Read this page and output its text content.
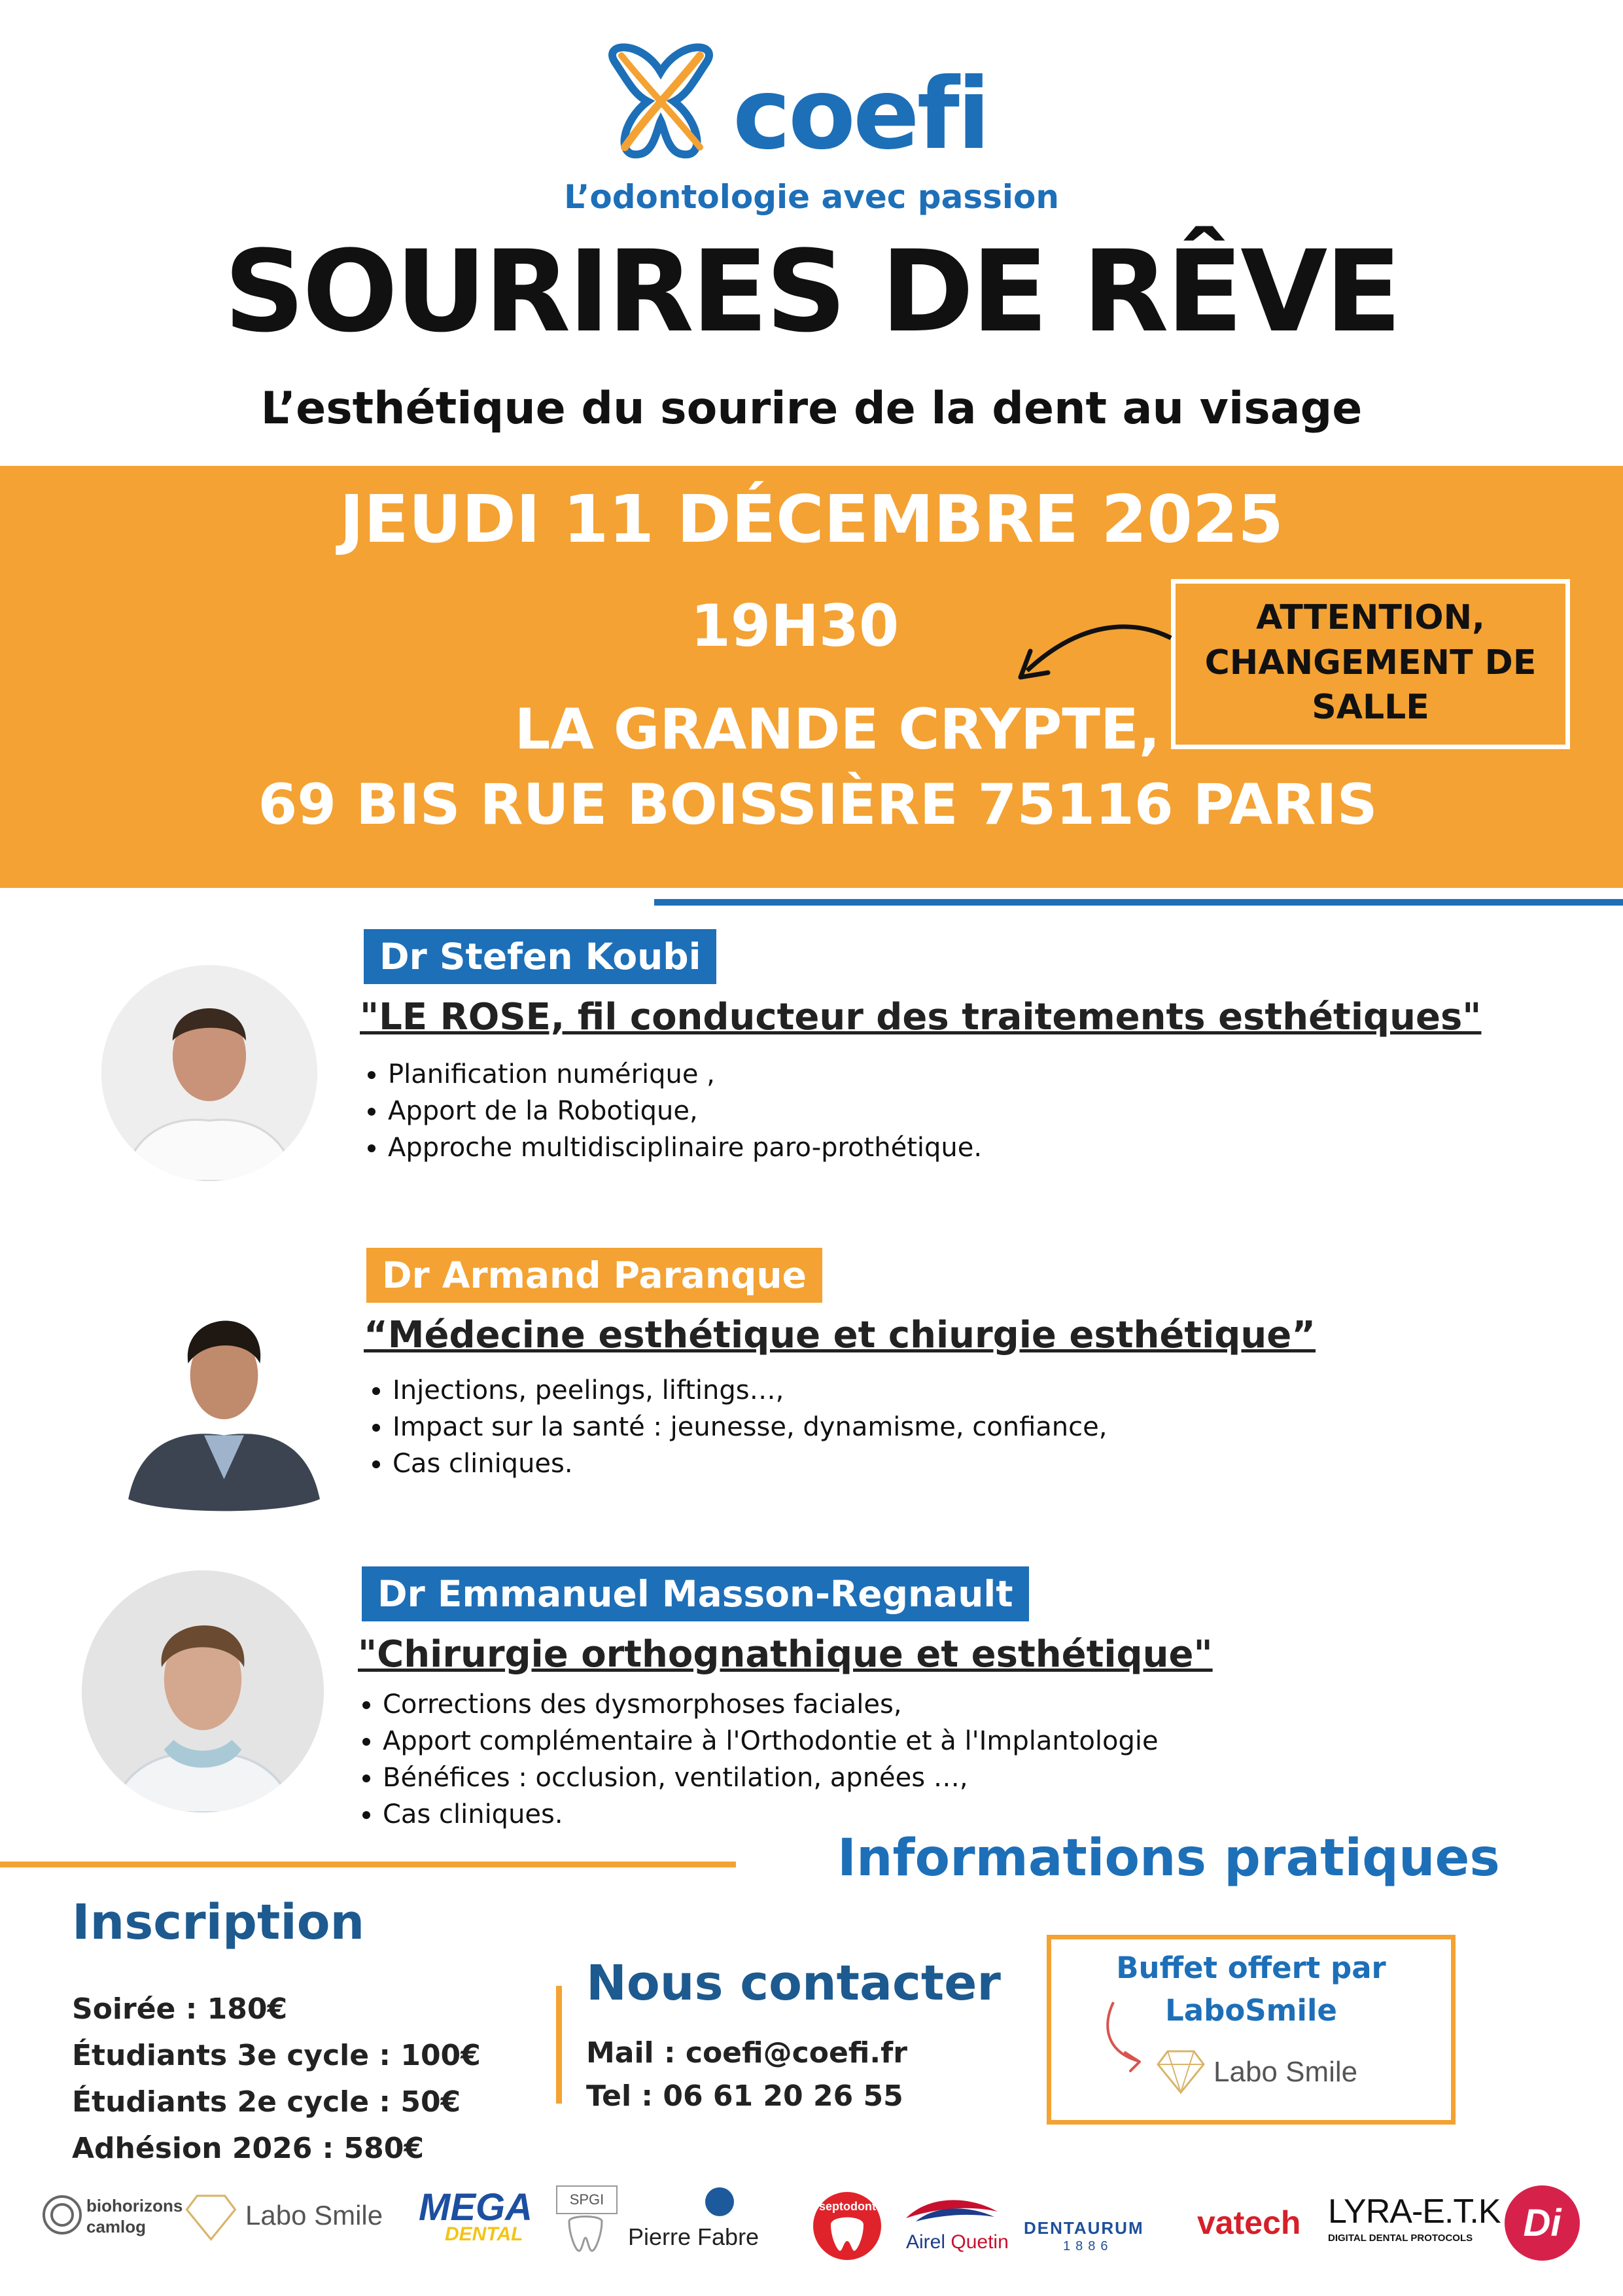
coefi
L’odontologie avec passion
SOURIRES DE RÊVE
L’esthétique du sourire de la dent au visage
JEUDI 11 DÉCEMBRE 2025
19H30
LA GRANDE CRYPTE,
69 BIS RUE BOISSIÈRE 75116 PARIS
ATTENTION,
CHANGEMENT DE
SALLE
Dr Stefen Koubi
"LE ROSE, fil conducteur des traitements esthétiques"
• Planification numérique ,
• Apport de la Robotique,
• Approche multidisciplinaire paro-prothétique.
Dr Armand Paranque
“Médecine esthétique et chiurgie esthétique”
• Injections, peelings, liftings…,
• Impact sur la santé : jeunesse, dynamisme, confiance,
• Cas cliniques.
Dr Emmanuel Masson-Regnault
"Chirurgie orthognathique et esthétique"
• Corrections des dysmorphoses faciales,
• Apport complémentaire à l'Orthodontie et à l'Implantologie
• Bénéfices : occlusion, ventilation, apnées …,
• Cas cliniques.
Informations pratiques
Inscription
Soirée : 180€
Étudiants 3e cycle : 100€
Étudiants 2e cycle : 50€
Adhésion 2026 : 580€
Nous contacter
Mail : coefi@coefi.fr
Tel : 06 61 20 26 55
Buffet offert par
LaboSmile
Labo Smile
biohorizons
camlog	Labo Smile MEGA
DENTAL
SPGI
Pierre Fabre
septodont
Airel Quetin
DENTAURUM
1886
vatech LYRA-E.T.K
DIGITAL DENTAL PROTOCOLS	Di
